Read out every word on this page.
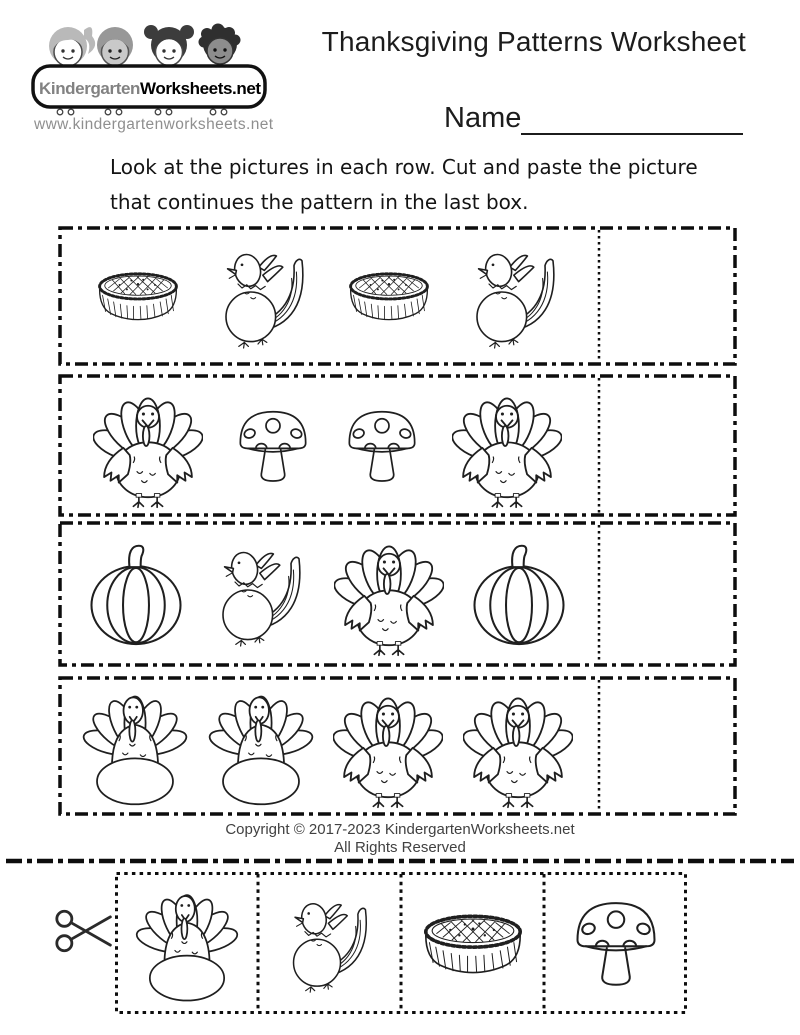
KindergartenWorksheets.net
www.kindergartenworksheets.net
Thanksgiving Patterns Worksheet
Name
Look at the pictures in each row. Cut and paste the picture
that continues the pattern in the last box.
Copyright © 2017-2023 KindergartenWorksheets.net
All Rights Reserved
